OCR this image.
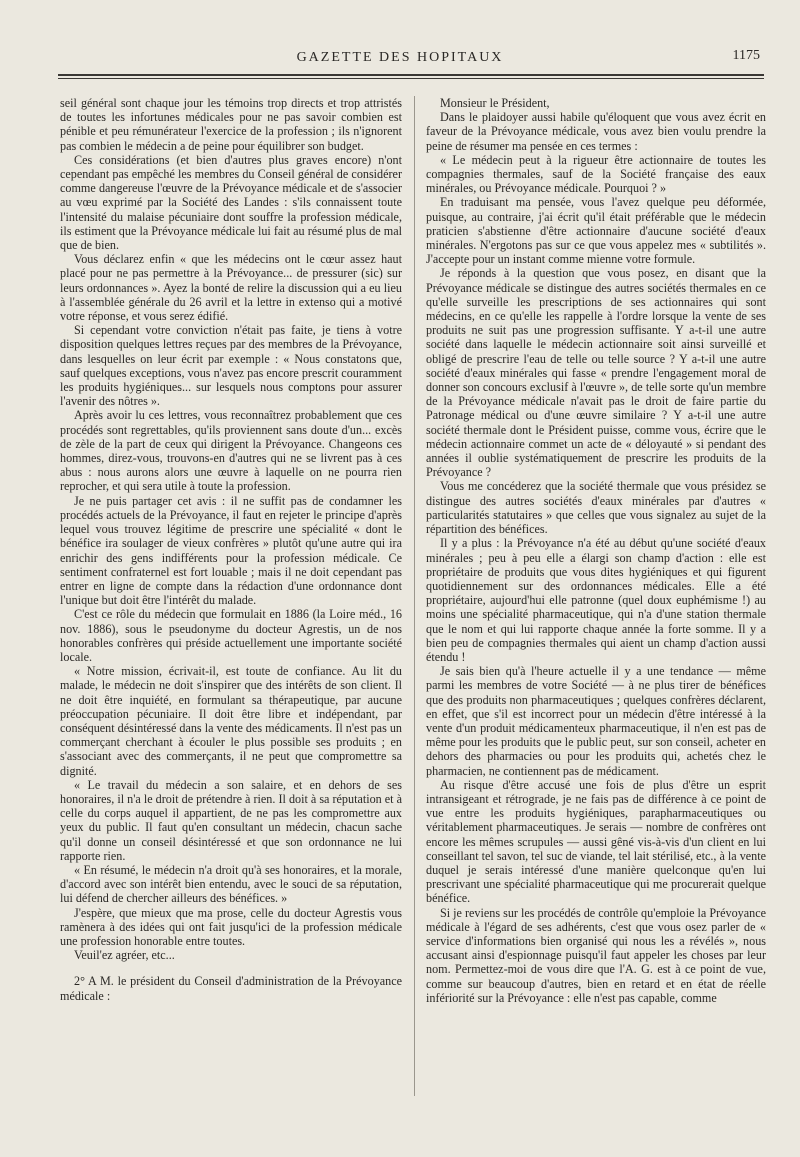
GAZETTE DES HOPITAUX	1175

seil général sont chaque jour les témoins trop directs et trop attristés de toutes les infortunes médicales pour ne pas savoir combien est pénible et peu rémunérateur l'exercice de la profession ; ils n'ignorent pas combien le médecin a de peine pour équilibrer son budget.

Ces considérations (et bien d'autres plus graves encore) n'ont cependant pas empêché les membres du Conseil général de considérer comme dangereuse l'œuvre de la Prévoyance médicale et de s'associer au vœu exprimé par la Société des Landes : s'ils connaissent toute l'intensité du malaise pécuniaire dont souffre la profession médicale, ils estiment que la Prévoyance médicale lui fait au résumé plus de mal que de bien.

Vous déclarez enfin « que les médecins ont le cœur assez haut placé pour ne pas permettre à la Prévoyance... de pressurer (sic) sur leurs ordonnances ». Ayez la bonté de relire la discussion qui a eu lieu à l'assemblée générale du 26 avril et la lettre in extenso qui a motivé votre réponse, et vous serez édifié.

Si cependant votre conviction n'était pas faite, je tiens à votre disposition quelques lettres reçues par des membres de la Prévoyance, dans lesquelles on leur écrit par exemple : « Nous constatons que, sauf quelques exceptions, vous n'avez pas encore prescrit couramment les produits hygiéniques... sur lesquels nous comptons pour assurer l'avenir des nôtres ».

Après avoir lu ces lettres, vous reconnaîtrez probablement que ces procédés sont regrettables, qu'ils proviennent sans doute d'un... excès de zèle de la part de ceux qui dirigent la Prévoyance. Changeons ces hommes, direz-vous, trouvons-en d'autres qui ne se livrent pas à ces abus : nous aurons alors une œuvre à laquelle on ne pourra rien reprocher, et qui sera utile à toute la profession.

Je ne puis partager cet avis : il ne suffit pas de condamner les procédés actuels de la Prévoyance, il faut en rejeter le principe d'après lequel vous trouvez légitime de prescrire une spécialité « dont le bénéfice ira soulager de vieux confrères » plutôt qu'une autre qui ira enrichir des gens indifférents pour la profession médicale. Ce sentiment confraternel est fort louable ; mais il ne doit cependant pas entrer en ligne de compte dans la rédaction d'une ordonnance dont l'unique but doit être l'intérêt du malade.

C'est ce rôle du médecin que formulait en 1886 (la Loire méd., 16 nov. 1886), sous le pseudonyme du docteur Agrestis, un de nos honorables confrères qui préside actuellement une importante société locale.

« Notre mission, écrivait-il, est toute de confiance. Au lit du malade, le médecin ne doit s'inspirer que des intérêts de son client. Il ne doit être inquiété, en formulant sa thérapeutique, par aucune préoccupation pécuniaire. Il doit être libre et indépendant, par conséquent désintéressé dans la vente des médicaments. Il n'est pas un commerçant cherchant à écouler le plus possible ses produits ; en s'associant avec des commerçants, il ne peut que compromettre sa dignité.

« Le travail du médecin a son salaire, et en dehors de ses honoraires, il n'a le droit de prétendre à rien. Il doit à sa réputation et à celle du corps auquel il appartient, de ne pas les compromettre aux yeux du public. Il faut qu'en consultant un médecin, chacun sache qu'il donne un conseil désintéressé et que son ordonnance ne lui rapporte rien.

« En résumé, le médecin n'a droit qu'à ses honoraires, et la morale, d'accord avec son intérêt bien entendu, avec le souci de sa réputation, lui défend de chercher ailleurs des bénéfices. »

J'espère, que mieux que ma prose, celle du docteur Agrestis vous ramènera à des idées qui ont fait jusqu'ici de la profession médicale une profession honorable entre toutes.

Veuil'ez agréer, etc...

2° A M. le président du Conseil d'administration de la Prévoyance médicale :

Monsieur le Président,

Dans le plaidoyer aussi habile qu'éloquent que vous avez écrit en faveur de la Prévoyance médicale, vous avez bien voulu prendre la peine de résumer ma pensée en ces termes :

« Le médecin peut à la rigueur être actionnaire de toutes les compagnies thermales, sauf de la Société française des eaux minérales, ou Prévoyance médicale. Pourquoi ? »

En traduisant ma pensée, vous l'avez quelque peu déformée, puisque, au contraire, j'ai écrit qu'il était préférable que le médecin praticien s'abstienne d'être actionnaire d'aucune société d'eaux minérales. N'ergotons pas sur ce que vous appelez mes « subtilités ». J'accepte pour un instant comme mienne votre formule.

Je réponds à la question que vous posez, en disant que la Prévoyance médicale se distingue des autres sociétés thermales en ce qu'elle surveille les prescriptions de ses actionnaires qui sont médecins, en ce qu'elle les rappelle à l'ordre lorsque la vente de ses produits ne suit pas une progression suffisante. Y a-t-il une autre société dans laquelle le médecin actionnaire soit ainsi surveillé et obligé de prescrire l'eau de telle ou telle source ? Y a-t-il une autre société d'eaux minérales qui fasse « prendre l'engagement moral de donner son concours exclusif à l'œuvre », de telle sorte qu'un membre de la Prévoyance médicale n'avait pas le droit de faire partie du Patronage médical ou d'une œuvre similaire ? Y a-t-il une autre société thermale dont le Président puisse, comme vous, écrire que le médecin actionnaire commet un acte de « déloyauté » si pendant des années il oublie systématiquement de prescrire les produits de la Prévoyance ?

Vous me concéderez que la société thermale que vous présidez se distingue des autres sociétés d'eaux minérales par d'autres « particularités statutaires » que celles que vous signalez au sujet de la répartition des bénéfices.

Il y a plus : la Prévoyance n'a été au début qu'une société d'eaux minérales ; peu à peu elle a élargi son champ d'action : elle est propriétaire de produits que vous dites hygiéniques et qui figurent quotidiennement sur des ordonnances médicales. Elle a été propriétaire, aujourd'hui elle patronne (quel doux euphémisme !) au moins une spécialité pharmaceutique, qui n'a d'une station thermale que le nom et qui lui rapporte chaque année la forte somme. Il y a bien peu de compagnies thermales qui aient un champ d'action aussi étendu !

Je sais bien qu'à l'heure actuelle il y a une tendance — même parmi les membres de votre Société — à ne plus tirer de bénéfices que des produits non pharmaceutiques ; quelques confrères déclarent, en effet, que s'il est incorrect pour un médecin d'être intéressé à la vente d'un produit médicamenteux pharmaceutique, il n'en est pas de même pour les produits que le public peut, sur son conseil, acheter en dehors des pharmacies ou pour les produits qui, achetés chez le pharmacien, ne contiennent pas de médicament.

Au risque d'être accusé une fois de plus d'être un esprit intransigeant et rétrograde, je ne fais pas de différence à ce point de vue entre les produits hygiéniques, parapharmaceutiques ou véritablement pharmaceutiques. Je serais — nombre de confrères ont encore les mêmes scrupules — aussi gêné vis-à-vis d'un client en lui conseillant tel savon, tel suc de viande, tel lait stérilisé, etc., à la vente duquel je serais intéressé d'une manière quelconque qu'en lui prescrivant une spécialité pharmaceutique qui me procurerait quelque bénéfice.

Si je reviens sur les procédés de contrôle qu'emploie la Prévoyance médicale à l'égard de ses adhérents, c'est que vous osez parler de « service d'informations bien organisé qui nous les a révélés », nous accusant ainsi d'espionnage puisqu'il faut appeler les choses par leur nom. Permettez-moi de vous dire que l'A. G. est à ce point de vue, comme sur beaucoup d'autres, bien en retard et en état de réelle infériorité sur la Prévoyance : elle n'est pas capable, comme
